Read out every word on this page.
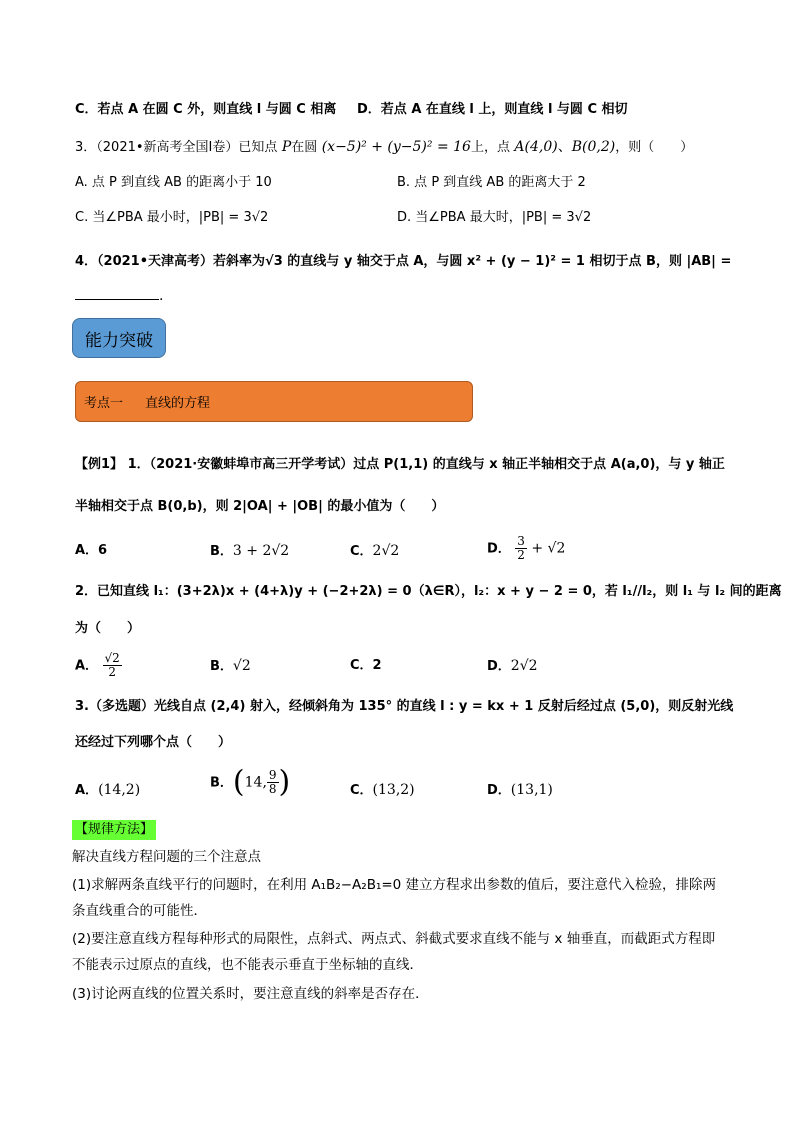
C．若点 A 在圆 C 外，则直线 l 与圆 C 相离 D．若点 A 在直线 l 上，则直线 l 与圆 C 相切
3．（2021•新高考全国Ⅰ卷）已知点 P在圆 (x−5)² + (y−5)² = 16上，点 A(4,0)、B(0,2)，则（　　）
A. 点 P 到直线 AB 的距离小于 10	B. 点 P 到直线 AB 的距离大于 2
C. 当∠PBA 最小时，|PB| = 3√2	D. 当∠PBA 最大时，|PB| = 3√2
4．（2021•天津高考）若斜率为√3 的直线与 y 轴交于点 A，与圆 x² + (y − 1)² = 1 相切于点 B，则 |AB| =
.
能力突破
考点一 直线的方程
【例1】 1．（2021·安徽蚌埠市高三开学考试）过点 P(1,1) 的直线与 x 轴正半轴相交于点 A(a,0)，与 y 轴正
半轴相交于点 B(0,b)，则 2|OA| + |OB| 的最小值为（　　）
A．6	B．3 + 2√2	C．2√2	D． $\frac{3}{2} + √2$
2．已知直线 l₁：(3+2λ)x + (4+λ)y + (−2+2λ) = 0（λ∈R），l₂：x + y − 2 = 0，若 l₁//l₂，则 l₁ 与 l₂ 间的距离
为（　　）
A． $\frac{√2}{2}$	B．√2	C．2	D．2√2
3.（多选题）光线自点 (2,4) 射入，经倾斜角为 135° 的直线 l : y = kx + 1 反射后经过点 (5,0)，则反射光线
还经过下列哪个点（　　）
A．(14,2)	B．(14, $\frac{9}{8}$ )	C．(13,2)	D．(13,1)
【规律方法】
解决直线方程问题的三个注意点
(1)求解两条直线平行的问题时，在利用 A₁B₂−A₂B₁=0 建立方程求出参数的值后，要注意代入检验，排除两条直线重合的可能性．
(2)要注意直线方程每种形式的局限性，点斜式、两点式、斜截式要求直线不能与 x 轴垂直，而截距式方程即不能表示过原点的直线，也不能表示垂直于坐标轴的直线．
(3)讨论两直线的位置关系时，要注意直线的斜率是否存在．
